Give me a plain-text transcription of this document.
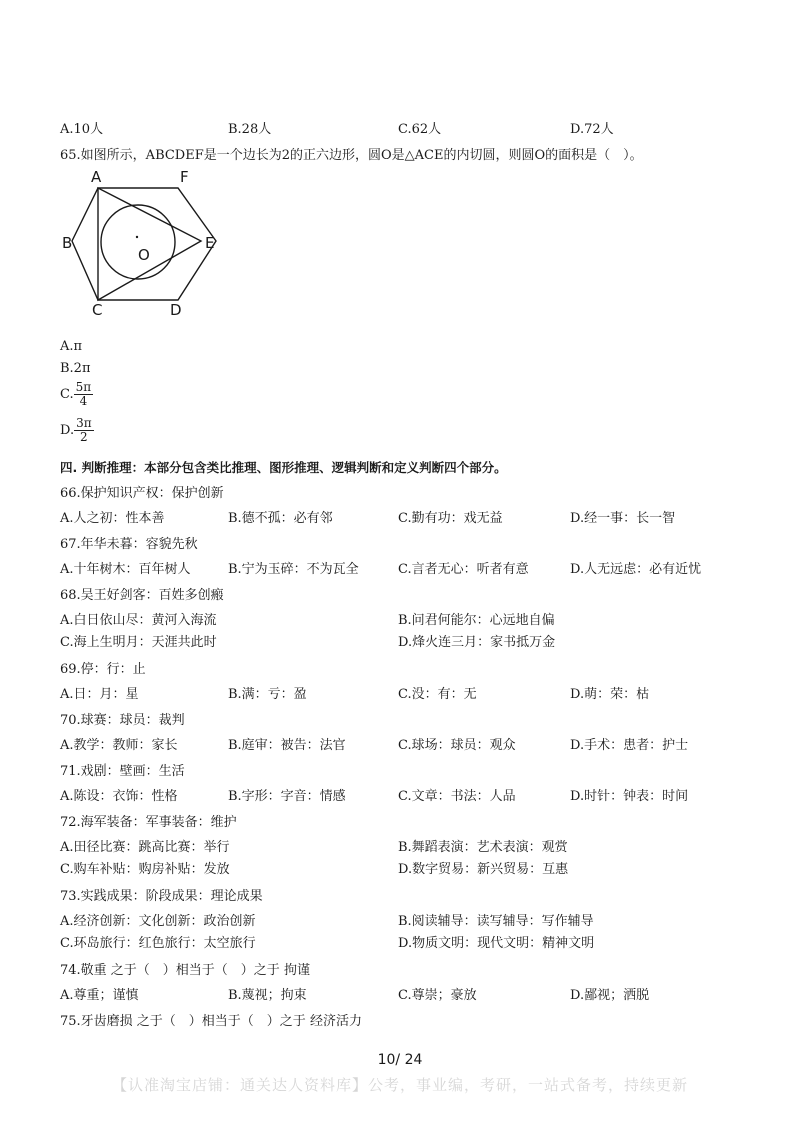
A.10人	B.28人	C.62人	D.72人
65.如图所示，ABCDEF是一个边长为2的正六边形，圆O是△ACE的内切圆，则圆O的面积是（　）。
A	F
B	E
C	D
O
A.π
B.2π
C. $\frac{5\pi}{4}$
D. $\frac{3\pi}{2}$
四. 判断推理：本部分包含类比推理、图形推理、逻辑判断和定义判断四个部分。
66.保护知识产权：保护创新
A.人之初：性本善	B.德不孤：必有邻	C.勤有功：戏无益	D.经一事：长一智
67.年华未暮：容貌先秋
A.十年树木：百年树人	B.宁为玉碎：不为瓦全	C.言者无心：听者有意	D.人无远虑：必有近忧
68.吴王好剑客：百姓多创瘢
A.白日依山尽：黄河入海流	B.问君何能尔：心远地自偏
C.海上生明月：天涯共此时	D.烽火连三月：家书抵万金
69.停：行：止
A.日：月：星	B.满：亏：盈	C.没：有：无	D.萌：荣：枯
70.球赛：球员：裁判
A.教学：教师：家长	B.庭审：被告：法官	C.球场：球员：观众	D.手术：患者：护士
71.戏剧：壁画：生活
A.陈设：衣饰：性格	B.字形：字音：情感	C.文章：书法：人品	D.时针：钟表：时间
72.海军装备：军事装备：维护
A.田径比赛：跳高比赛：举行	B.舞蹈表演：艺术表演：观赏
C.购车补贴：购房补贴：发放	D.数字贸易：新兴贸易：互惠
73.实践成果：阶段成果：理论成果
A.经济创新：文化创新：政治创新	B.阅读辅导：读写辅导：写作辅导
C.环岛旅行：红色旅行：太空旅行	D.物质文明：现代文明：精神文明
74.敬重 之于（　）相当于（　）之于 拘谨
A.尊重；谨慎	B.蔑视；拘束	C.尊崇；豪放	D.鄙视；洒脱
75.牙齿磨损 之于（　）相当于（　）之于 经济活力
10/ 24
【认准淘宝店铺：通关达人资料库】公考，事业编，考研，一站式备考，持续更新
